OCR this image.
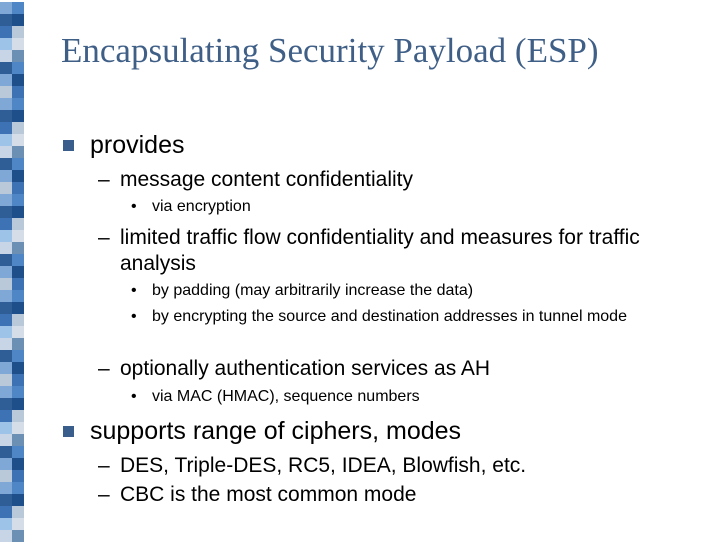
Encapsulating Security Payload (ESP)
provides
– message content confidentiality
• via encryption
– limited traffic flow confidentiality and measures for traffic analysis
• by padding (may arbitrarily increase the data)
• by encrypting the source and destination addresses in tunnel mode
– optionally authentication services as AH
• via MAC (HMAC), sequence numbers
supports range of ciphers, modes
– DES, Triple-DES, RC5, IDEA, Blowfish, etc.
– CBC is the most common mode
